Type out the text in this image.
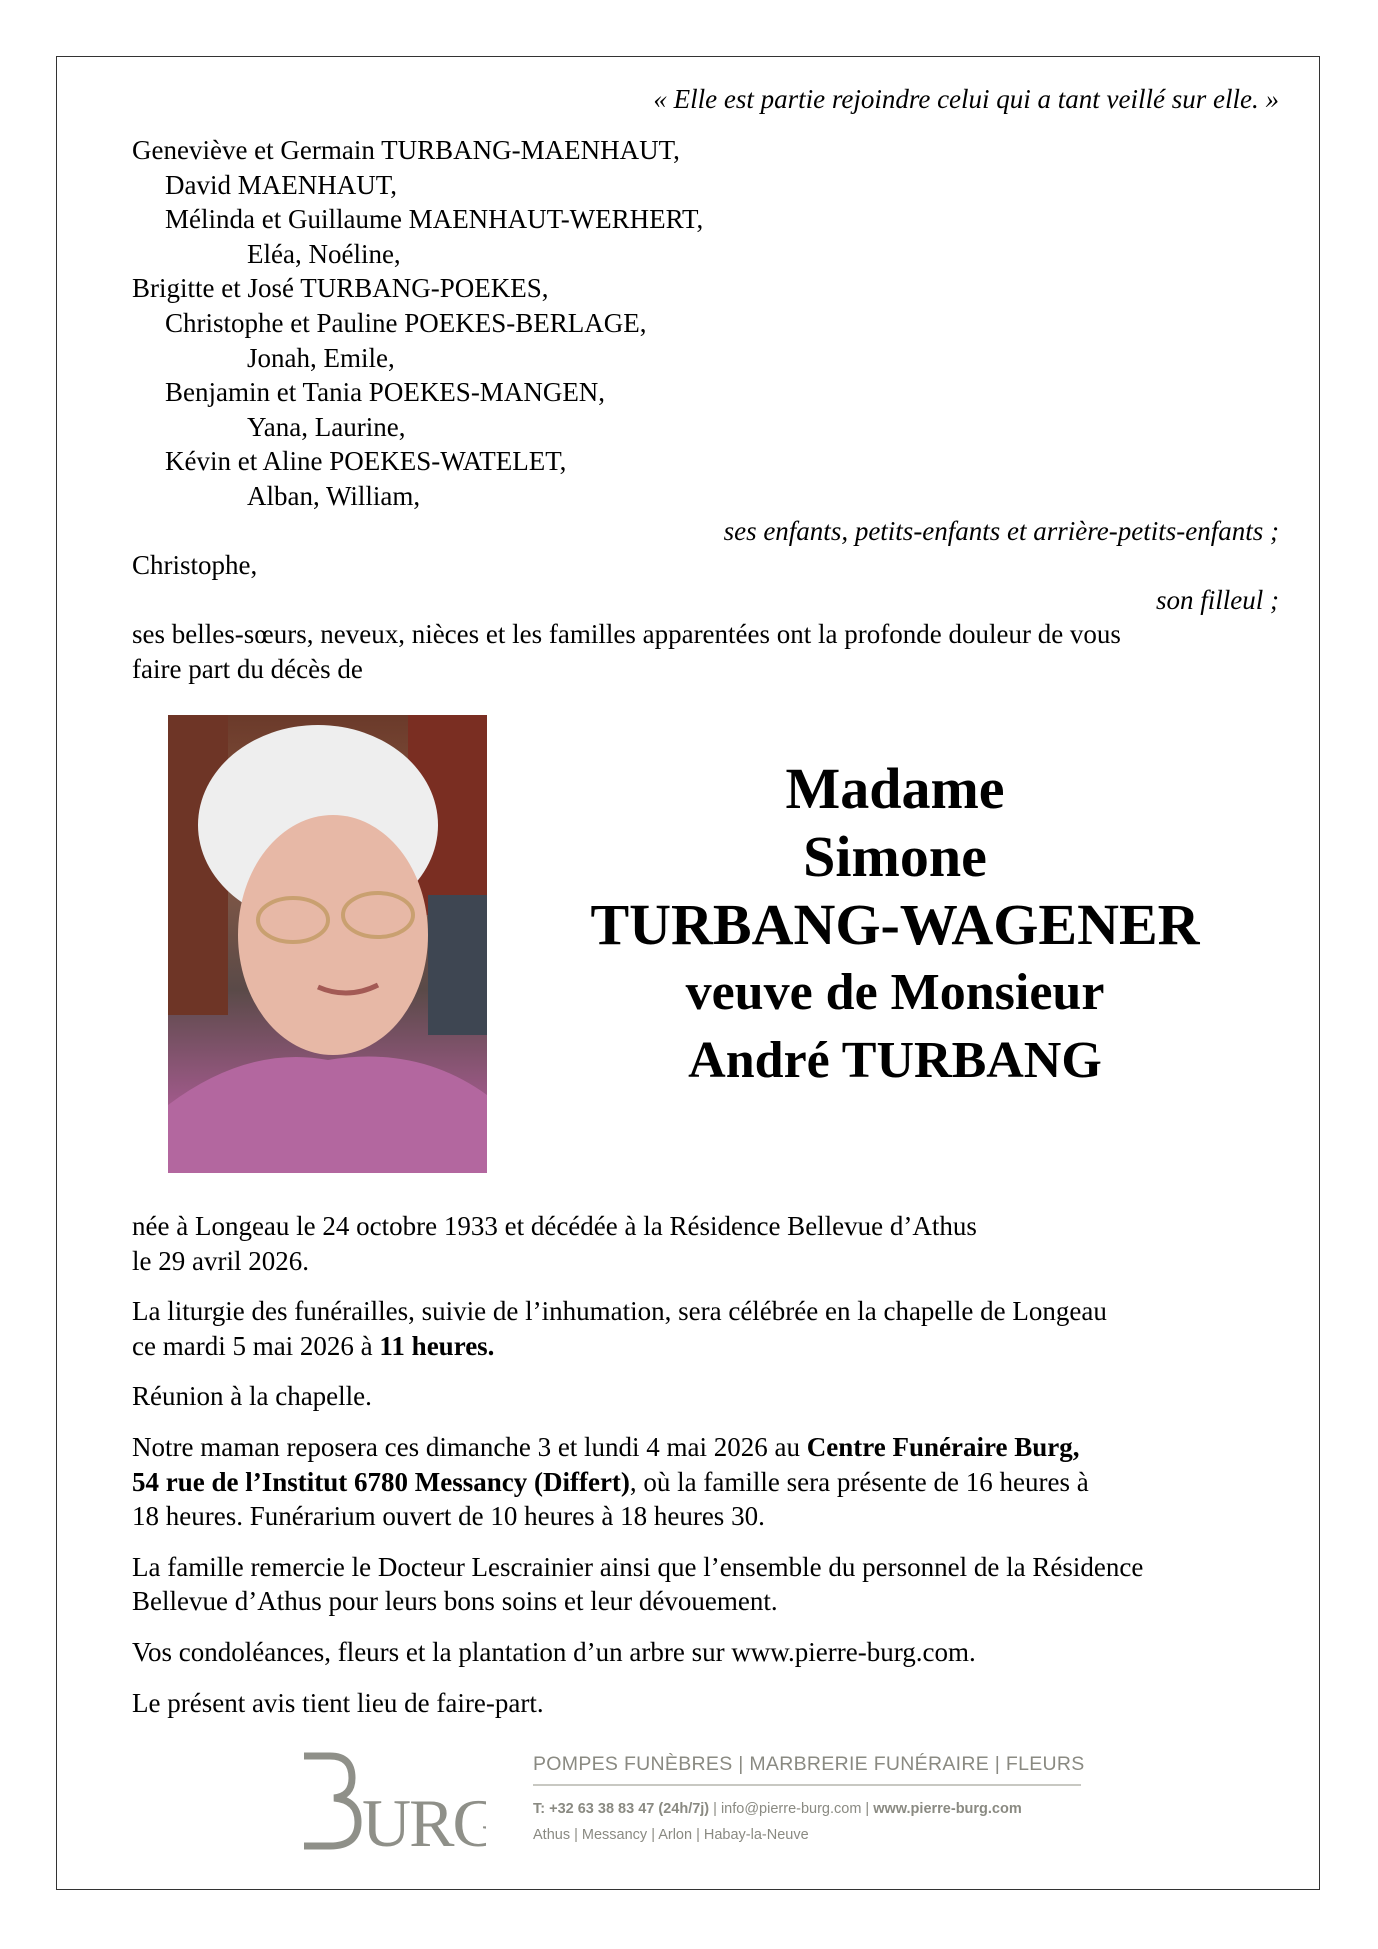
« Elle est partie rejoindre celui qui a tant veillé sur elle. »
Geneviève et Germain TURBANG-MAENHAUT,
David MAENHAUT,
Mélinda et Guillaume MAENHAUT-WERHERT,
Eléa, Noéline,
Brigitte et José TURBANG-POEKES,
Christophe et Pauline POEKES-BERLAGE,
Jonah, Emile,
Benjamin et Tania POEKES-MANGEN,
Yana, Laurine,
Kévin et Aline POEKES-WATELET,
Alban, William,
ses enfants, petits-enfants et arrière-petits-enfants ;
Christophe,
son filleul ;
ses belles-sœurs, neveux, nièces et les familles apparentées ont la profonde douleur de vous
faire part du décès de
Madame
Simone
TURBANG-WAGENER
veuve de Monsieur
André TURBANG
née à Longeau le 24 octobre 1933 et décédée à la Résidence Bellevue d’Athus
le 29 avril 2026.
La liturgie des funérailles, suivie de l’inhumation, sera célébrée en la chapelle de Longeau
ce mardi 5 mai 2026 à 11 heures.
Réunion à la chapelle.
Notre maman reposera ces dimanche 3 et lundi 4 mai 2026 au Centre Funéraire Burg,
54 rue de l’Institut 6780 Messancy (Differt), où la famille sera présente de 16 heures à
18 heures. Funérarium ouvert de 10 heures à 18 heures 30.
La famille remercie le Docteur Lescrainier ainsi que l’ensemble du personnel de la Résidence
Bellevue d’Athus pour leurs bons soins et leur dévouement.
Vos condoléances, fleurs et la plantation d’un arbre sur www.pierre-burg.com.
Le présent avis tient lieu de faire-part.
URG
POMPES FUNÈBRES | MARBRERIE FUNÉRAIRE | FLEURS
T: +32 63 38 83 47 (24h/7j) | info@pierre-burg.com | www.pierre-burg.com
Athus | Messancy | Arlon | Habay-la-Neuve
